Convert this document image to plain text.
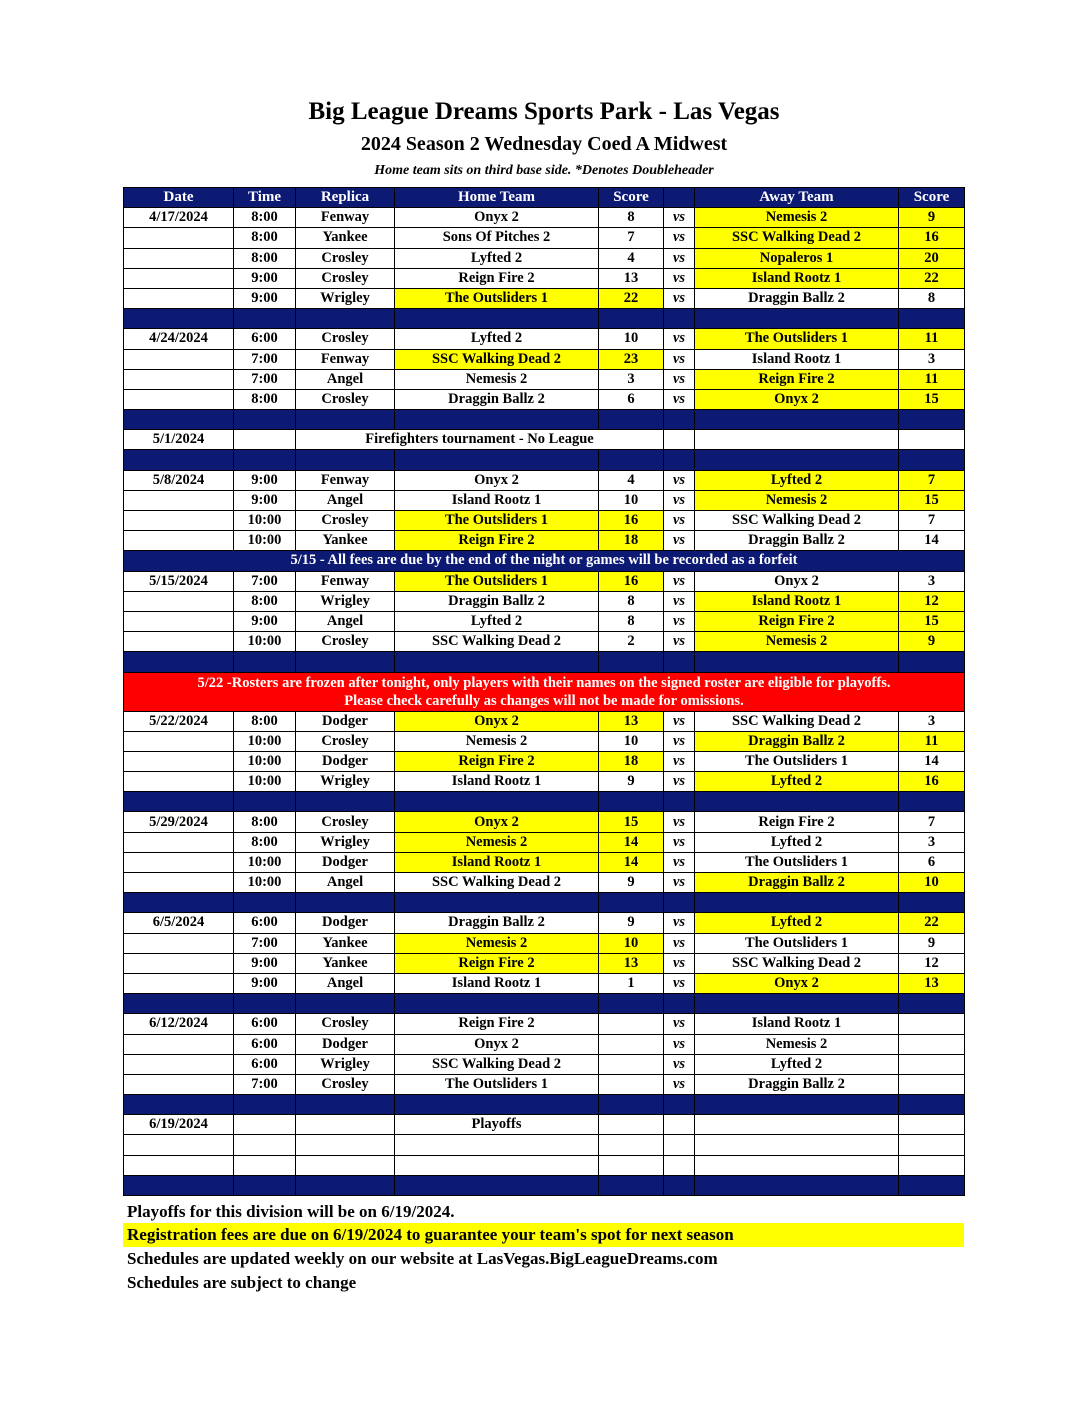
Big League Dreams Sports Park - Las Vegas
2024 Season 2 Wednesday Coed A Midwest
Home team sits on third base side. *Denotes Doubleheader
Date	Time	Replica	Home Team	Score		Away Team	Score
4/17/2024	8:00	Fenway	Onyx 2	8	vs	Nemesis 2	9
	8:00	Yankee	Sons Of Pitches 2	7	vs	SSC Walking Dead 2	16
	8:00	Crosley	Lyfted 2	4	vs	Nopaleros 1	20
	9:00	Crosley	Reign Fire 2	13	vs	Island Rootz 1	22
	9:00	Wrigley	The Outsliders 1	22	vs	Draggin Ballz 2	8

4/24/2024	6:00	Crosley	Lyfted 2	10	vs	The Outsliders 1	11
	7:00	Fenway	SSC Walking Dead 2	23	vs	Island Rootz 1	3
	7:00	Angel	Nemesis 2	3	vs	Reign Fire 2	11
	8:00	Crosley	Draggin Ballz 2	6	vs	Onyx 2	15

5/1/2024		Firefighters tournament - No League					

5/8/2024	9:00	Fenway	Onyx 2	4	vs	Lyfted 2	7
	9:00	Angel	Island Rootz 1	10	vs	Nemesis 2	15
	10:00	Crosley	The Outsliders 1	16	vs	SSC Walking Dead 2	7
	10:00	Yankee	Reign Fire 2	18	vs	Draggin Ballz 2	14
5/15 - All fees are due by the end of the night or games will be recorded as a forfeit							
5/15/2024	7:00	Fenway	The Outsliders 1	16	vs	Onyx 2	3
	8:00	Wrigley	Draggin Ballz 2	8	vs	Island Rootz 1	12
	9:00	Angel	Lyfted 2	8	vs	Reign Fire 2	15
	10:00	Crosley	SSC Walking Dead 2	2	vs	Nemesis 2	9

5/22 -Rosters are frozen after tonight, only players with their names on the signed roster are eligible for playoffs.
Please check carefully as changes will not be made for omissions.							

5/22/2024	8:00	Dodger	Onyx 2	13	vs	SSC Walking Dead 2	3
	10:00	Crosley	Nemesis 2	10	vs	Draggin Ballz 2	11
	10:00	Dodger	Reign Fire 2	18	vs	The Outsliders 1	14
	10:00	Wrigley	Island Rootz 1	9	vs	Lyfted 2	16

5/29/2024	8:00	Crosley	Onyx 2	15	vs	Reign Fire 2	7
	8:00	Wrigley	Nemesis 2	14	vs	Lyfted 2	3
	10:00	Dodger	Island Rootz 1	14	vs	The Outsliders 1	6
	10:00	Angel	SSC Walking Dead 2	9	vs	Draggin Ballz 2	10

6/5/2024	6:00	Dodger	Draggin Ballz 2	9	vs	Lyfted 2	22
	7:00	Yankee	Nemesis 2	10	vs	The Outsliders 1	9
	9:00	Yankee	Reign Fire 2	13	vs	SSC Walking Dead 2	12
	9:00	Angel	Island Rootz 1	1	vs	Onyx 2	13

6/12/2024	6:00	Crosley	Reign Fire 2		vs	Island Rootz 1	
	6:00	Dodger	Onyx 2		vs	Nemesis 2	
	6:00	Wrigley	SSC Walking Dead 2		vs	Lyfted 2	
	7:00	Crosley	The Outsliders 1		vs	Draggin Ballz 2	

6/19/2024			Playoffs				

Playoffs for this division will be on 6/19/2024.
Registration fees are due on 6/19/2024 to guarantee your team's spot for next season
Schedules are updated weekly on our website at LasVegas.BigLeagueDreams.com
Schedules are subject to change
